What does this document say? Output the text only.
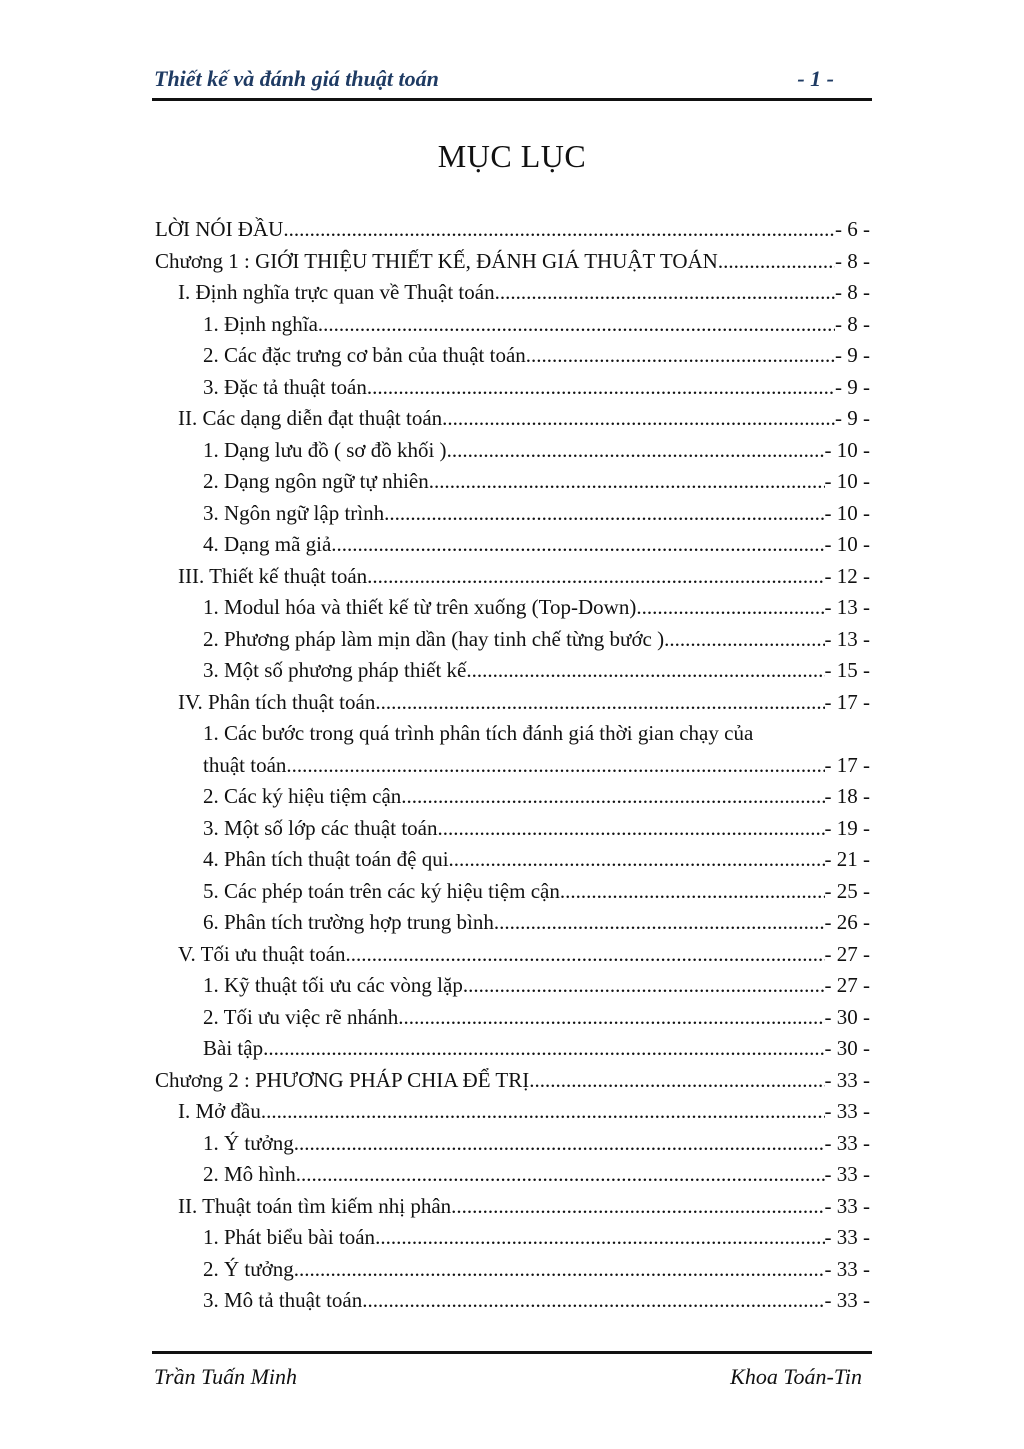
Thiết kế và đánh giá thuật toán	- 1 -
MỤC LỤC
LỜI NÓI ĐẦU .....	- 6 -
Chương 1 : GIỚI THIỆU THIẾT KẾ, ĐÁNH GIÁ THUẬT TOÁN .....	- 8 -
I. Định nghĩa trực quan về Thuật toán .....	- 8 -
1. Định nghĩa .....	- 8 -
2. Các đặc trưng cơ bản của thuật toán .....	- 9 -
3. Đặc tả thuật toán .....	- 9 -
II. Các dạng diễn đạt thuật toán .....	- 9 -
1. Dạng lưu đồ ( sơ đồ khối ) .....	- 10 -
2. Dạng ngôn ngữ tự nhiên .....	- 10 -
3. Ngôn ngữ lập trình. .....	- 10 -
4. Dạng mã giả .....	- 10 -
III. Thiết kế thuật toán .....	- 12 -
1. Modul hóa và thiết kế từ trên xuống (Top-Down) .....	- 13 -
2. Phương pháp làm mịn dần (hay tinh chế từng bước ) .....	- 13 -
3. Một số phương pháp thiết kế .....	- 15 -
IV. Phân tích thuật toán .....	- 17 -
1. Các bước trong quá trình phân tích đánh giá thời gian chạy của
thuật toán .....	- 17 -
2. Các ký hiệu tiệm cận .....	- 18 -
3. Một số lớp các thuật toán .....	- 19 -
4. Phân tích thuật toán đệ qui. .....	- 21 -
5. Các phép toán trên các ký hiệu tiệm cận .....	- 25 -
6. Phân tích trường hợp trung bình .....	- 26 -
V. Tối ưu thuật toán .....	- 27 -
1. Kỹ thuật tối ưu các vòng lặp .....	- 27 -
2. Tối ưu việc rẽ nhánh .....	- 30 -
Bài tập .....	- 30 -
Chương 2 : PHƯƠNG PHÁP CHIA ĐỂ TRỊ .....	- 33 -
I. Mở đầu .....	- 33 -
1. Ý tưởng .....	- 33 -
2. Mô hình .....	- 33 -
II. Thuật toán tìm kiếm nhị phân .....	- 33 -
1. Phát biểu bài toán .....	- 33 -
2. Ý tưởng .....	- 33 -
3. Mô tả thuật toán .....	- 33 -
Trần Tuấn Minh	Khoa Toán-Tin
